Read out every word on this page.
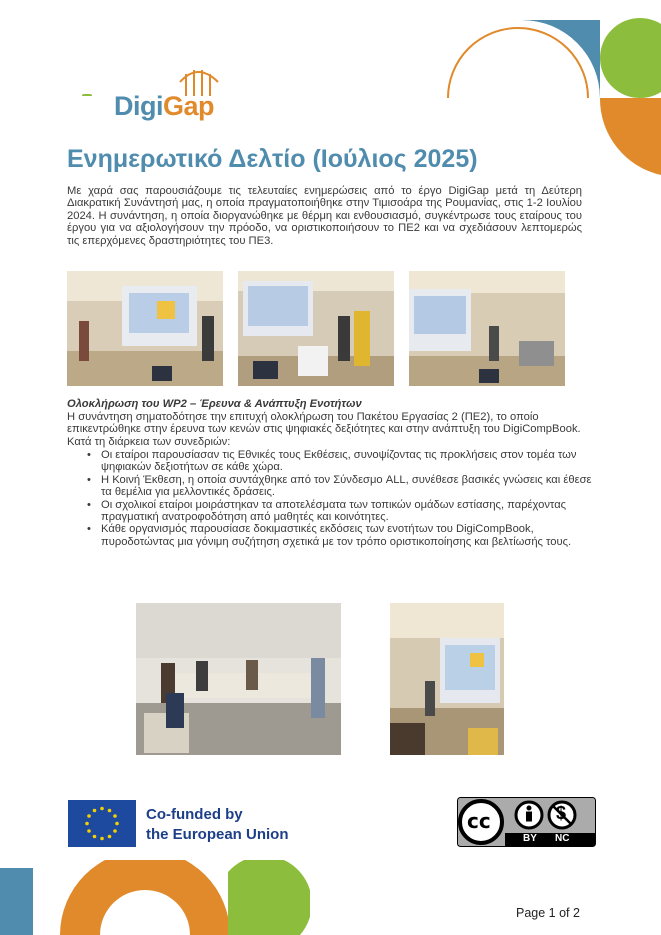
DigiGap
Ενημερωτικό Δελτίο (Ιούλιος 2025)
Με χαρά σας παρουσιάζουμε τις τελευταίες ενημερώσεις από το έργο DigiGap μετά τη Δεύτερη Διακρατική Συνάντησή μας, η οποία πραγματοποιήθηκε στην Τιμισοάρα της Ρουμανίας, στις 1-2 Ιουλίου 2024. Η συνάντηση, η οποία διοργανώθηκε με θέρμη και ενθουσιασμό, συγκέντρωσε τους εταίρους του έργου για να αξιολογήσουν την πρόοδο, να οριστικοποιήσουν το ΠΕ2 και να σχεδιάσουν λεπτομερώς τις επερχόμενες δραστηριότητες του ΠΕ3.
Ολοκλήρωση του WP2 – Έρευνα & Ανάπτυξη Ενοτήτων
Η συνάντηση σηματοδότησε την επιτυχή ολοκλήρωση του Πακέτου Εργασίας 2 (ΠΕ2), το οποίο επικεντρώθηκε στην έρευνα των κενών στις ψηφιακές δεξιότητες και στην ανάπτυξη του DigiCompBook. Κατά τη διάρκεια των συνεδριών:
• Οι εταίροι παρουσίασαν τις Εθνικές τους Εκθέσεις, συνοψίζοντας τις προκλήσεις στον τομέα των ψηφιακών δεξιοτήτων σε κάθε χώρα.
• Η Κοινή Έκθεση, η οποία συντάχθηκε από τον Σύνδεσμο ALL, συνέθεσε βασικές γνώσεις και έθεσε τα θεμέλια για μελλοντικές δράσεις.
• Οι σχολικοί εταίροι μοιράστηκαν τα αποτελέσματα των τοπικών ομάδων εστίασης, παρέχοντας πραγματική ανατροφοδότηση από μαθητές και κοινότητες.
• Κάθε οργανισμός παρουσίασε δοκιμαστικές εκδόσεις των ενοτήτων του DigiCompBook, πυροδοτώντας μια γόνιμη συζήτηση σχετικά με τον τρόπο οριστικοποίησης και βελτίωσής τους.
Co-funded by
the European Union
cc
BY NC
$
Page 1 of 2
